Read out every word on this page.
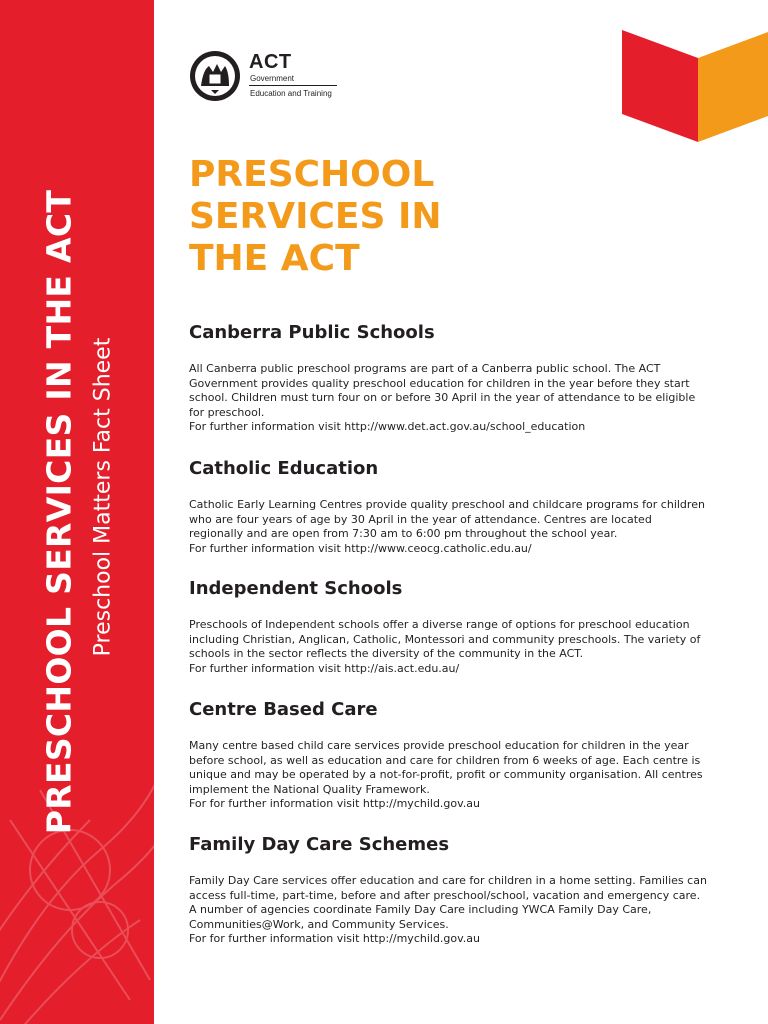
PRESCHOOL SERVICES IN THE ACT Preschool Matters Fact Sheet
ACT
Government
Education and Training
PRESCHOOL
SERVICES IN
THE ACT
Canberra Public Schools

All Canberra public preschool programs are part of a Canberra public school. The ACT Government provides quality preschool education for children in the year before they start school. Children must turn four on or before 30 April in the year of attendance to be eligible for preschool.

For further information visit http://www.det.act.gov.au/school_education

Catholic Education

Catholic Early Learning Centres provide quality preschool and childcare programs for children who are four years of age by 30 April in the year of attendance. Centres are located regionally and are open from 7:30 am to 6:00 pm throughout the school year.

For further information visit http://www.ceocg.catholic.edu.au/

Independent Schools

Preschools of Independent schools offer a diverse range of options for preschool education including Christian, Anglican, Catholic, Montessori and community preschools. The variety of schools in the sector reflects the diversity of the community in the ACT.

For further information visit http://ais.act.edu.au/

Centre Based Care

Many centre based child care services provide preschool education for children in the year before school, as well as education and care for children from 6 weeks of age. Each centre is unique and may be operated by a not-for-profit, profit or community organisation. All centres implement the National Quality Framework.

For for further information visit http://mychild.gov.au

Family Day Care Schemes

Family Day Care services offer education and care for children in a home setting. Families can access full-time, part-time, before and after preschool/school, vacation and emergency care. A number of agencies coordinate Family Day Care including YWCA Family Day Care, Communities@Work, and Community Services.

For for further information visit http://mychild.gov.au
